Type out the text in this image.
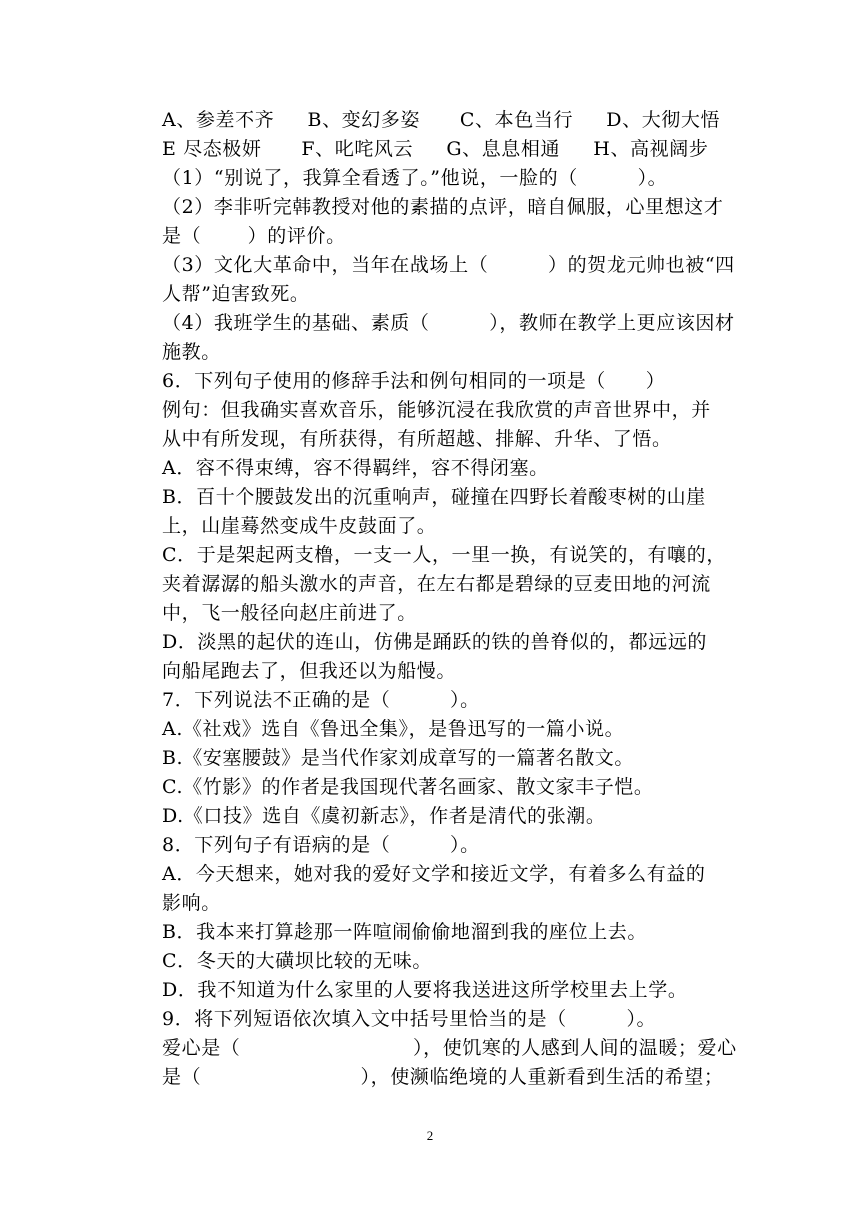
A、参差不齐     B、变幻多姿      C、本色当行     D、大彻大悟
E 尽态极妍      F、叱咤风云     G、息息相通     H、高视阔步
（1）“别说了，我算全看透了。”他说，一脸的（         ）。
（2）李非听完韩教授对他的素描的点评，暗自佩服，心里想这才
是（       ）的评价。
（3）文化大革命中，当年在战场上（         ）的贺龙元帅也被“四
人帮”迫害致死。
（4）我班学生的基础、素质（         ），教师在教学上更应该因材
施教。
6．下列句子使用的修辞手法和例句相同的一项是（      ）
例句：但我确实喜欢音乐，能够沉浸在我欣赏的声音世界中，并
从中有所发现，有所获得，有所超越、排解、升华、了悟。
A．容不得束缚，容不得羁绊，容不得闭塞。
B．百十个腰鼓发出的沉重响声，碰撞在四野长着酸枣树的山崖
上，山崖蓦然变成牛皮鼓面了。
C．于是架起两支橹，一支一人，一里一换，有说笑的，有嚷的，
夹着潺潺的船头激水的声音，在左右都是碧绿的豆麦田地的河流
中，飞一般径向赵庄前进了。
D．淡黑的起伏的连山，仿佛是踊跃的铁的兽脊似的，都远远的
向船尾跑去了，但我还以为船慢。
7．下列说法不正确的是（         ）。
A.《社戏》选自《鲁迅全集》，是鲁迅写的一篇小说。
B.《安塞腰鼓》是当代作家刘成章写的一篇著名散文。
C.《竹影》的作者是我国现代著名画家、散文家丰子恺。
D.《口技》选自《虞初新志》，作者是清代的张潮。
8．下列句子有语病的是（         ）。
A．今天想来，她对我的爱好文学和接近文学，有着多么有益的
影响。
B．我本来打算趁那一阵喧闹偷偷地溜到我的座位上去。
C．冬天的大磺坝比较的无味。
D．我不知道为什么家里的人要将我送进这所学校里去上学。
9．将下列短语依次填入文中括号里恰当的是（         ）。
爱心是（                          ），使饥寒的人感到人间的温暖；爱心
是（                        ），使濒临绝境的人重新看到生活的希望；
2
